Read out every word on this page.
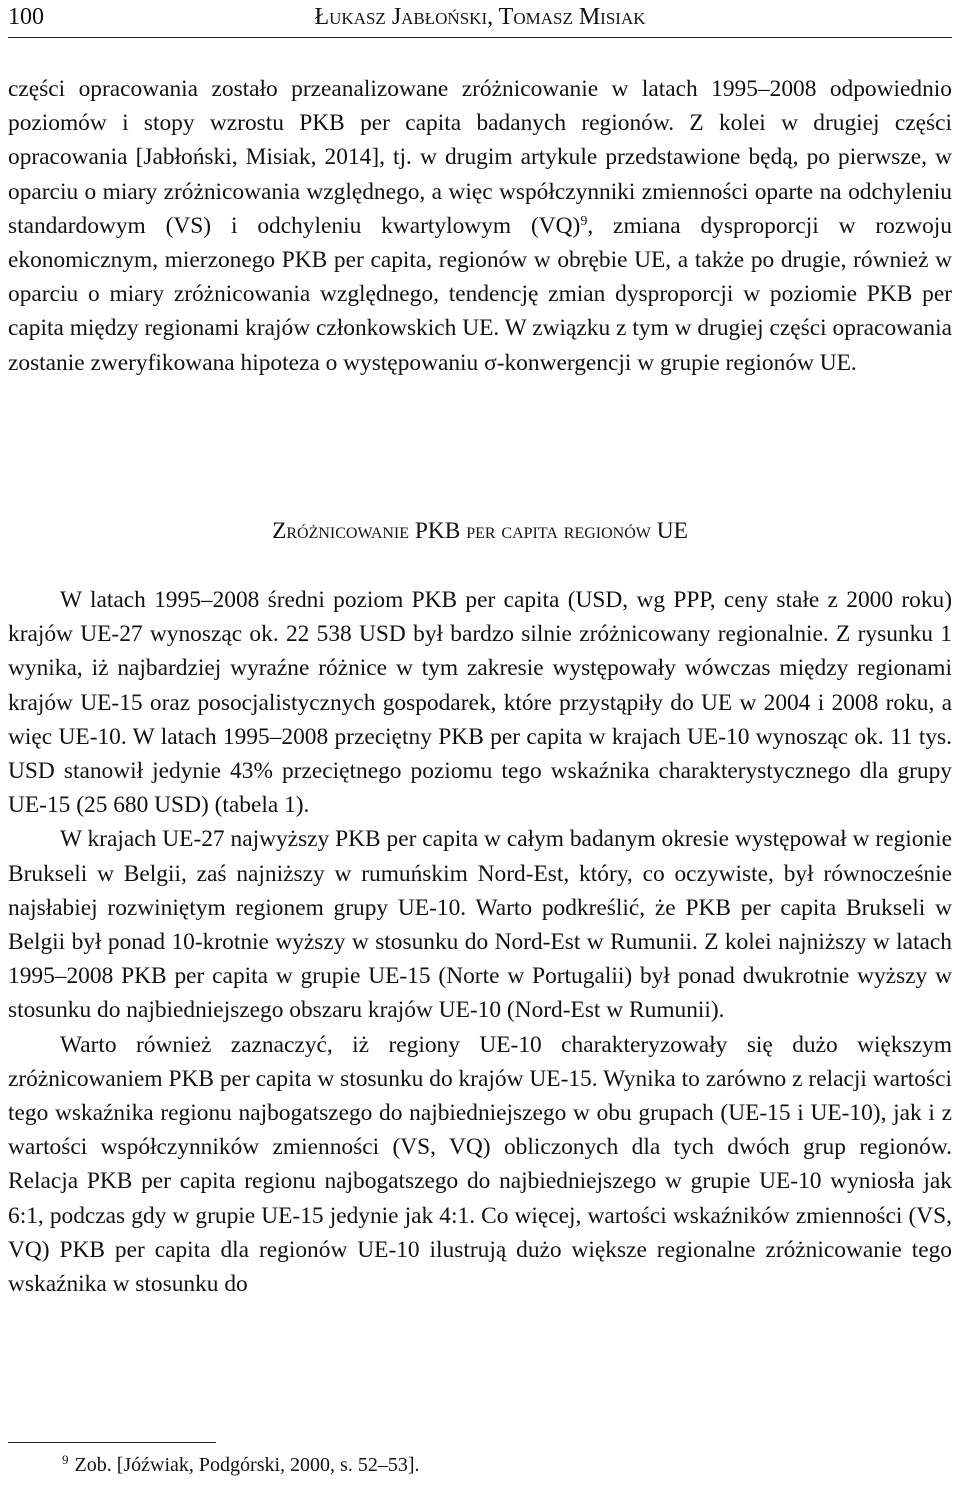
100	Łukasz Jabłoński, Tomasz Misiak

części opracowania zostało przeanalizowane zróżnicowanie w latach 1995–2008 odpowiednio poziomów i stopy wzrostu PKB per capita badanych regionów. Z kolei w drugiej części opracowania [Jabłoński, Misiak, 2014], tj. w drugim artykule przedstawione będą, po pierwsze, w oparciu o miary zróżnicowania względnego, a więc współczynniki zmienności oparte na odchyleniu standardowym (VS) i odchyleniu kwartylowym (VQ)$^9$, zmiana dysproporcji w rozwoju ekonomicznym, mierzonego PKB per capita, regionów w obrębie UE, a także po drugie, również w oparciu o miary zróżnicowania względnego, tendencję zmian dysproporcji w poziomie PKB per capita między regionami krajów członkowskich UE. W związku z tym w drugiej części opracowania zostanie zweryfikowana hipoteza o występowaniu σ-konwergencji w grupie regionów UE.

Zróżnicowanie PKB per capita regionów UE

W latach 1995–2008 średni poziom PKB per capita (USD, wg PPP, ceny stałe z 2000 roku) krajów UE-27 wynosząc ok. 22 538 USD był bardzo silnie zróżnicowany regionalnie. Z rysunku 1 wynika, iż najbardziej wyraźne różnice w tym zakresie występowały wówczas między regionami krajów UE-15 oraz posocjalistycznych gospodarek, które przystąpiły do UE w 2004 i 2008 roku, a więc UE-10. W latach 1995–2008 przeciętny PKB per capita w krajach UE-10 wynosząc ok. 11 tys. USD stanowił jedynie 43% przeciętnego poziomu tego wskaźnika charakterystycznego dla grupy UE-15 (25 680 USD) (tabela 1).

W krajach UE-27 najwyższy PKB per capita w całym badanym okresie występował w regionie Brukseli w Belgii, zaś najniższy w rumuńskim Nord-Est, który, co oczywiste, był równocześnie najsłabiej rozwiniętym regionem grupy UE-10. Warto podkreślić, że PKB per capita Brukseli w Belgii był ponad 10-krotnie wyższy w stosunku do Nord-Est w Rumunii. Z kolei najniższy w latach 1995–2008 PKB per capita w grupie UE-15 (Norte w Portugalii) był ponad dwukrotnie wyższy w stosunku do najbiedniejszego obszaru krajów UE-10 (Nord-Est w Rumunii).

Warto również zaznaczyć, iż regiony UE-10 charakteryzowały się dużo większym zróżnicowaniem PKB per capita w stosunku do krajów UE-15. Wynika to zarówno z relacji wartości tego wskaźnika regionu najbogatszego do najbiedniejszego w obu grupach (UE-15 i UE-10), jak i z wartości współczynników zmienności (VS, VQ) obliczonych dla tych dwóch grup regionów. Relacja PKB per capita regionu najbogatszego do najbiedniejszego w grupie UE-10 wyniosła jak 6:1, podczas gdy w grupie UE-15 jedynie jak 4:1. Co więcej, wartości wskaźników zmienności (VS, VQ) PKB per capita dla regionów UE-10 ilustrują dużo większe regionalne zróżnicowanie tego wskaźnika w stosunku do

$^9$ Zob. [Jóźwiak, Podgórski, 2000, s. 52–53].
